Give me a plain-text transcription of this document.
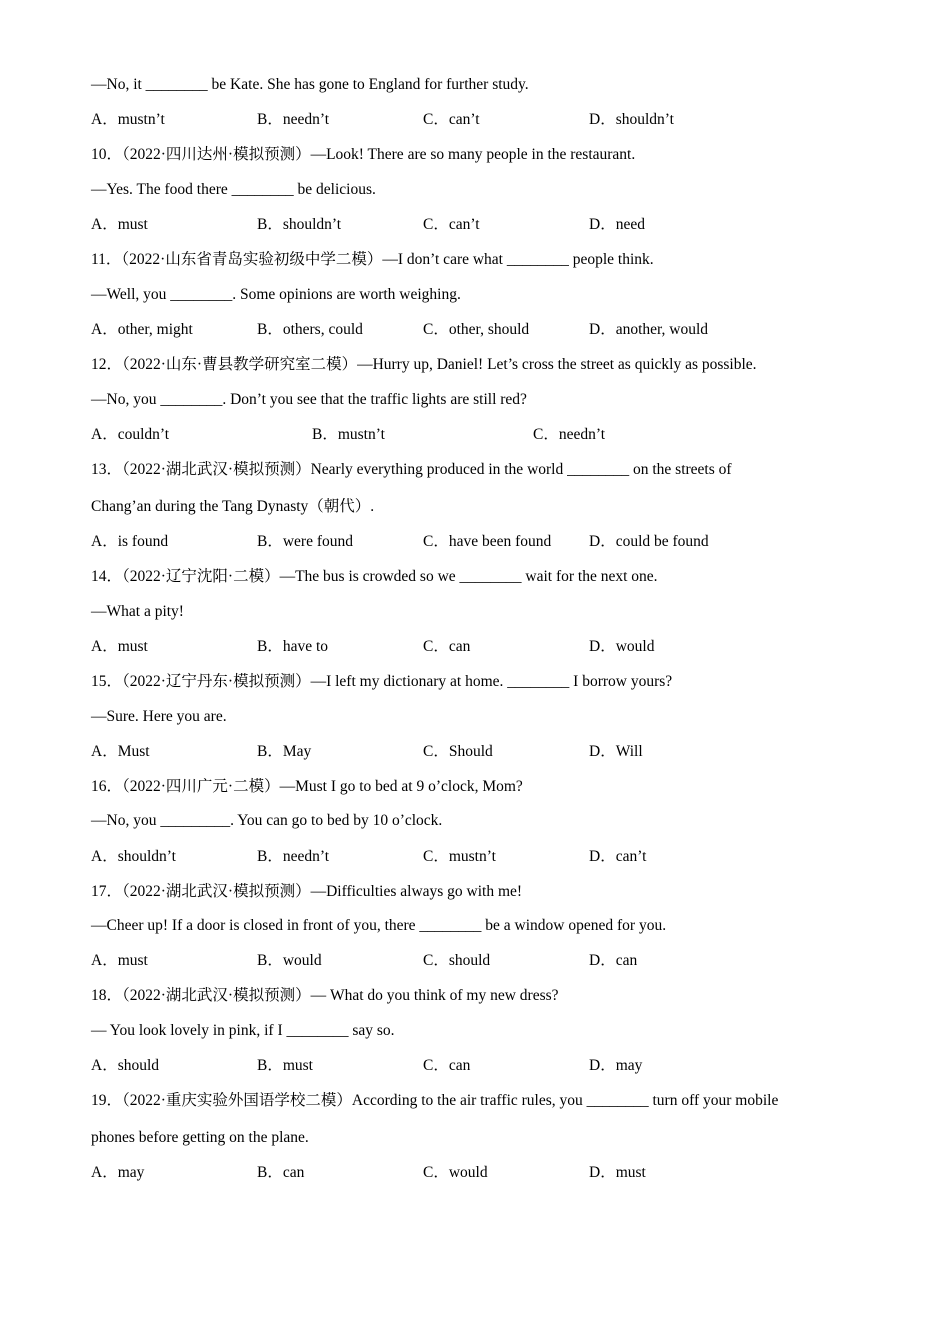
—No, it ________ be Kate. She has gone to England for further study.
A．mustn’t	B．needn’t	C．can’t	D．shouldn’t
10．（2022·四川达州·模拟预测）—Look! There are so many people in the restaurant.
—Yes. The food there ________ be delicious.
A．must	B．shouldn’t	C．can’t	D．need
11．（2022·山东省青岛实验初级中学二模）—I don’t care what ________ people think.
—Well, you ________. Some opinions are worth weighing.
A．other, might	B．others, could	C．other, should	D．another, would
12．（2022·山东·曹县教学研究室二模）—Hurry up, Daniel! Let’s cross the street as quickly as possible.
—No, you ________. Don’t you see that the traffic lights are still red?
A．couldn’t	B．mustn’t	C．needn’t
13．（2022·湖北武汉·模拟预测）Nearly everything produced in the world ________ on the streets of
Chang’an during the Tang Dynasty（朝代）.
A．is found	B．were found	C．have been found D．could be found
14．（2022·辽宁沈阳·二模）—The bus is crowded so we ________ wait for the next one.
—What a pity!
A．must	B．have to	C．can	D．would
15．（2022·辽宁丹东·模拟预测）—I left my dictionary at home. ________ I borrow yours?
—Sure. Here you are.
A．Must	B．May	C．Should	D．Will
16．（2022·四川广元·二模）—Must I go to bed at 9 o’clock, Mom?
—No, you _________. You can go to bed by 10 o’clock.
A．shouldn’t	B．needn’t	C．mustn’t	D．can’t
17．（2022·湖北武汉·模拟预测）—Difficulties always go with me!
—Cheer up! If a door is closed in front of you, there ________ be a window opened for you.
A．must	B．would	C．should	D．can
18．（2022·湖北武汉·模拟预测）— What do you think of my new dress?
— You look lovely in pink, if I ________ say so.
A．should	B．must	C．can	D．may
19．（2022·重庆实验外国语学校二模）According to the air traffic rules, you ________ turn off your mobile
phones before getting on the plane.
A．may	B．can	C．would	D．must
